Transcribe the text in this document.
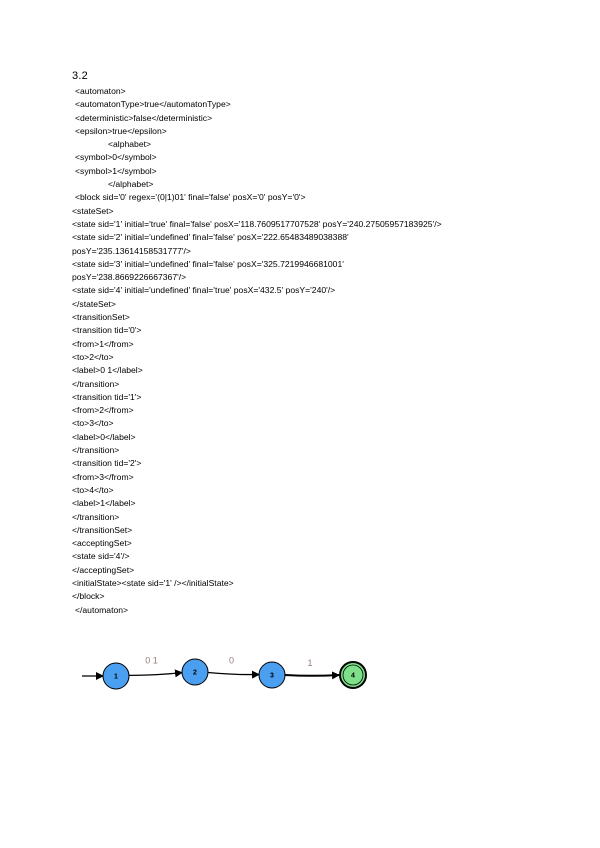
3.2
<automaton>
<automatonType>true</automatonType>
<deterministic>false</deterministic>
<epsilon>true</epsilon>
<alphabet>
<symbol>0</symbol>
<symbol>1</symbol>
</alphabet>
<block sid='0' regex='(0|1)01' final='false' posX='0' posY='0'>
<stateSet>
<state sid='1' initial='true' final='false' posX='118.7609517707528' posY='240.27505957183925'/>
<state sid='2' initial='undefined' final='false' posX='222.65483489038388'
posY='235.13614158531777'/>
<state sid='3' initial='undefined' final='false' posX='325.7219946681001'
posY='238.8669226667367'/>
<state sid='4' initial='undefined' final='true' posX='432.5' posY='240'/>
</stateSet>
<transitionSet>
<transition tid='0'>
<from>1</from>
<to>2</to>
<label>0 1</label>
</transition>
<transition tid='1'>
<from>2</from>
<to>3</to>
<label>0</label>
</transition>
<transition tid='2'>
<from>3</from>
<to>4</to>
<label>1</label>
</transition>
</transitionSet>
<acceptingSet>
<state sid='4'/>
</acceptingSet>
<initialState><state sid='1' /></initialState>
</block>
</automaton>
0 1	0	1
1
2	3	4
